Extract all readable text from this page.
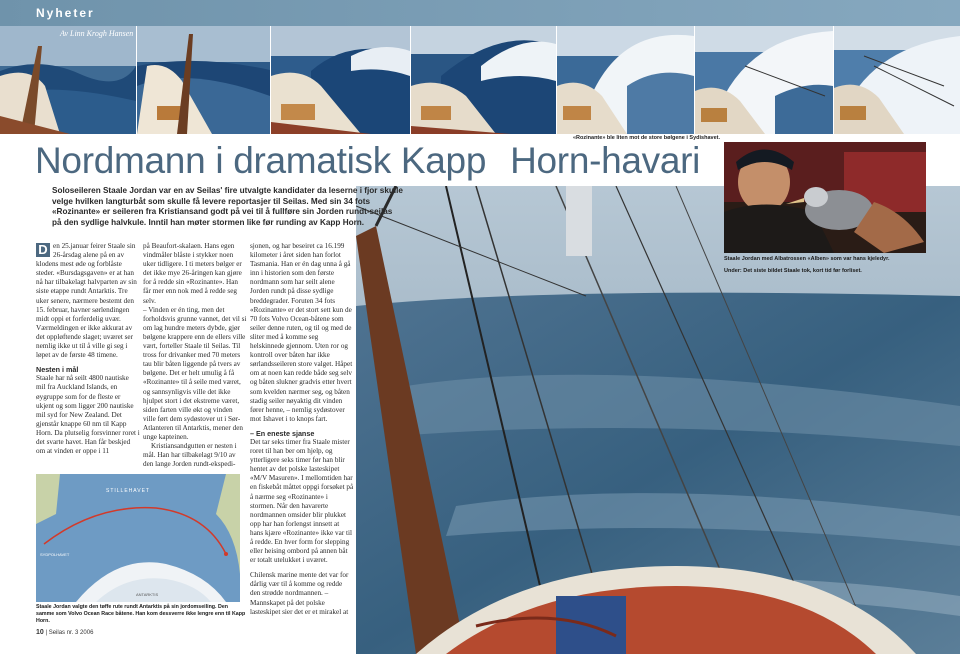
Nyheter
Av Linn Krogh Hansen
«Rozinante» ble liten mot de store bølgene i Sydishavet.
Nordmann i dramatisk Kapp Horn-havari
Staale Jordan med Albatrossen «Alben» som var hans kjeledyr.
Under: Det siste bildet Staale tok, kort tid før forliset.
Soloseileren Staale Jordan var en av Seilas' fire utvalgte kandidater da leserne i fjor skulle velge hvilken langturbåt som skulle få levere reportasjer til Seilas. Med sin 34 fots «Rozinante» er seileren fra Kristiansand godt på vei til å fullføre sin Jorden rundt-seilas på den sydlige halvkule. Inntil han møter stormen like før runding av Kapp Horn.

D en 25.januar feirer Staale sin 26-årsdag alene på en av klodens mest øde og forblåste steder. «Bursdagsgaven» er at han nå har tilbakelagt halvparten av sin siste etappe rundt Antarktis. Tre uker senere, nærmere bestemt den 15. februar, havner sørlendingen midt oppi et forferdelig uvær. Værmeldingen er ikke akkurat av det oppløftende slaget; uværet ser nemlig ikke ut til å ville gi seg i løpet av de første 48 timene.

Nesten i mål

Staale har nå seilt 4800 nautiske mil fra Auckland Islands, en øygruppe som for de fleste er ukjent og som ligger 200 nautiske mil syd for New Zealand. Det gjenstår knappe 60 nm til Kapp Horn. Da plutselig forsvinner roret i det svarte havet. Han får beskjed om at vinden er oppe i 11

på Beaufort-skalaen. Hans egen vindmåler blåste i stykker noen uker tidligere. I ti meters bølger er det ikke mye 26-åringen kan gjøre for å redde sin «Rozinante». Han får mer enn nok med å redde seg selv.

– Vinden er én ting, men det forholdsvis grunne vannet, det vil si om lag hundre meters dybde, gjør bølgene krappere enn de ellers ville vært, forteller Staale til Seilas. Til tross for drivanker med 70 meters tau blir båten liggende på tvers av bølgene. Det er helt umulig å få «Rozinante» til å seile med været, og sannsynligvis ville det ikke hjulpet stort i det ekstreme været, siden farten ville økt og vinden ville ført dem sydøstover ut i Sør-Atlanteren til Antarktis, mener den unge kapteinen.

Kristiansandgutten er nesten i mål. Han har tilbakelagt 9/10 av den lange Jorden rundt-ekspedi-

sjonen, og har beseiret ca 16.199 kilometer i året siden han forlot Tasmania. Han er én dag unna å gå inn i historien som den første nordmann som har seilt alene Jorden rundt på disse sydlige breddegrader. Foruten 34 fots «Rozinante» er det stort sett kun de 70 fots Volvo Ocean-båtene som seiler denne ruten, og til og med de sliter med å komme seg helskinnede gjennom. Uten ror og kontroll over båten har ikke sørlandsseileren store valget. Håpet om at noen kan redde både seg selv og båten slukner gradvis etter hvert som kvelden nærmer seg, og båten stadig seiler nøyaktig dit vinden fører henne, – nemlig sydøstover mot Ishavet i to knops fart.

– En eneste sjanse

Det tar seks timer fra Staale mister roret til han ber om hjelp, og ytterligere seks timer før han blir hentet av det polske lasteskipet «M/V Masuren». I mellomtiden har en fiskebåt måttet oppgi forsøket på å nærme seg «Rozinante» i stormen. Når den havarerte nordmannen omsider blir plukket opp har han forlengst innsett at hans kjære «Rozinante» ikke var til å redde. En hver form for slepping eller heising ombord på annen båt er totalt utelukket i uværet.

Chilensk marine mente det var for dårlig vær til å komme og redde den strødde nordmannen. – Mannskapet på det polske lasteskipet sier det er et mirakel at

STILLEHAVET
SYDPOLHAVET
ANTARKTIS
Staale Jordan valgte den tøffe rute rundt Antarktis på sin jordomseiling. Den samme som Volvo Ocean Race båtene. Han kom dessverre ikke lengre enn til Kapp Horn.
10 | Seilas nr. 3 2006
